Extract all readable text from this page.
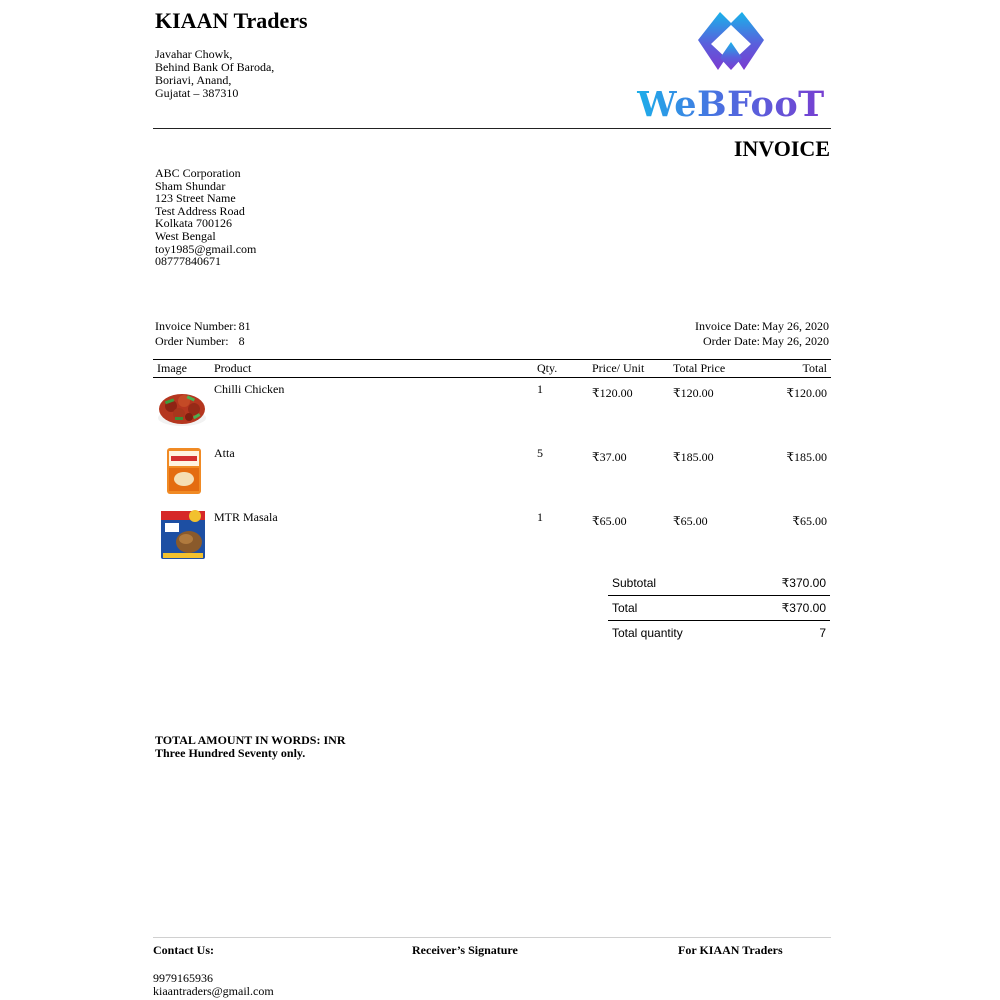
KIAAN Traders
Javahar Chowk,
Behind Bank Of Baroda,
Boriavi, Anand,
Gujatat – 387310	WeBFooT
INVOICE
ABC Corporation
Sham Shundar
123 Street Name
Test Address Road
Kolkata 700126
West Bengal
toy1985@gmail.com
08777840671
Invoice Number: 81
Order Number: 8
Invoice Date: May 26, 2020
Order Date: May 26, 2020
Image	Product	Qty.	Price/ Unit	Total Price	Total

	Chilli Chicken	1	₹120.00	₹120.00	₹120.00

	Atta	5	₹37.00	₹185.00	₹185.00

	MTR Masala	1	₹65.00	₹65.00	₹65.00
Subtotal	₹370.00
Total	₹370.00
Total quantity	7
TOTAL AMOUNT IN WORDS: INR
Three Hundred Seventy only.
Contact Us:	Receiver’s Signature	For KIAAN Traders
9979165936
kiaantraders@gmail.com
